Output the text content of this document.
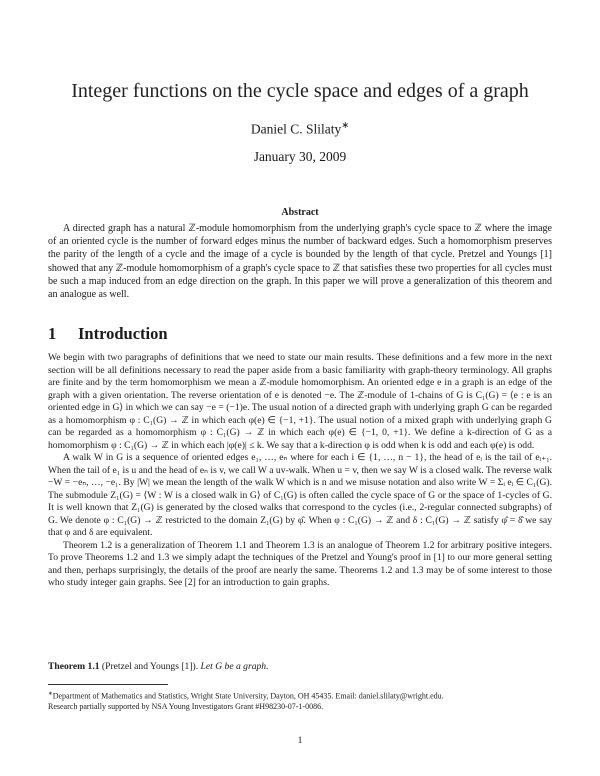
Integer functions on the cycle space and edges of a graph
Daniel C. Slilaty∗
January 30, 2009
Abstract
A directed graph has a natural ℤ-module homomorphism from the underlying graph's cycle space to ℤ where the image of an oriented cycle is the number of forward edges minus the number of backward edges. Such a homomorphism preserves the parity of the length of a cycle and the image of a cycle is bounded by the length of that cycle. Pretzel and Youngs [1] showed that any ℤ-module homomorphism of a graph's cycle space to ℤ that satisfies these two properties for all cycles must be such a map induced from an edge direction on the graph. In this paper we will prove a generalization of this theorem and an analogue as well.
1 Introduction

We begin with two paragraphs of definitions that we need to state our main results. These definitions and a few more in the next section will be all definitions necessary to read the paper aside from a basic familiarity with graph-theory terminology. All graphs are finite and by the term homomorphism we mean a ℤ-module homomorphism. An oriented edge e in a graph is an edge of the graph with a given orientation. The reverse orientation of e is denoted −e. The ℤ-module of 1-chains of G is C₁(G) = ⟨e : e is an oriented edge in G⟩ in which we can say −e = (−1)e. The usual notion of a directed graph with underlying graph G can be regarded as a homomorphism φ : C₁(G) → ℤ in which each φ(e) ∈ {−1, +1}. The usual notion of a mixed graph with underlying graph G can be regarded as a homomorphism φ : C₁(G) → ℤ in which each φ(e) ∈ {−1, 0, +1}. We define a k-direction of G as a homomorphism φ : C₁(G) → ℤ in which each |φ(e)| ≤ k. We say that a k-direction φ is odd when k is odd and each φ(e) is odd.

A walk W in G is a sequence of oriented edges e₁, …, eₙ where for each i ∈ {1, …, n − 1}, the head of eᵢ is the tail of eᵢ₊₁. When the tail of e₁ is u and the head of eₙ is v, we call W a uv-walk. When u = v, then we say W is a closed walk. The reverse walk −W = −eₙ, …, −e₁. By |W| we mean the length of the walk W which is n and we misuse notation and also write W = Σᵢ eᵢ ∈ C₁(G). The submodule Z₁(G) = ⟨W : W is a closed walk in G⟩ of C₁(G) is often called the cycle space of G or the space of 1-cycles of G. It is well known that Z₁(G) is generated by the closed walks that correspond to the cycles (i.e., 2-regular connected subgraphs) of G. We denote φ : C₁(G) → ℤ restricted to the domain Z₁(G) by φ̂. When φ : C₁(G) → ℤ and δ : C₁(G) → ℤ satisfy φ̂ = δ̂ we say that φ and δ are equivalent.

Theorem 1.2 is a generalization of Theorem 1.1 and Theorem 1.3 is an analogue of Theorem 1.2 for arbitrary positive integers. To prove Theorems 1.2 and 1.3 we simply adapt the techniques of the Pretzel and Young's proof in [1] to our more general setting and then, perhaps surprisingly, the details of the proof are nearly the same. Theorems 1.2 and 1.3 may be of some interest to those who study integer gain graphs. See [2] for an introduction to gain graphs.

Theorem 1.1 (Pretzel and Youngs [1]). Let G be a graph.
∗Department of Mathematics and Statistics, Wright State University, Dayton, OH 45435. Email: daniel.slilaty@wright.edu.
Research partially supported by NSA Young Investigators Grant #H98230-07-1-0086.
1
